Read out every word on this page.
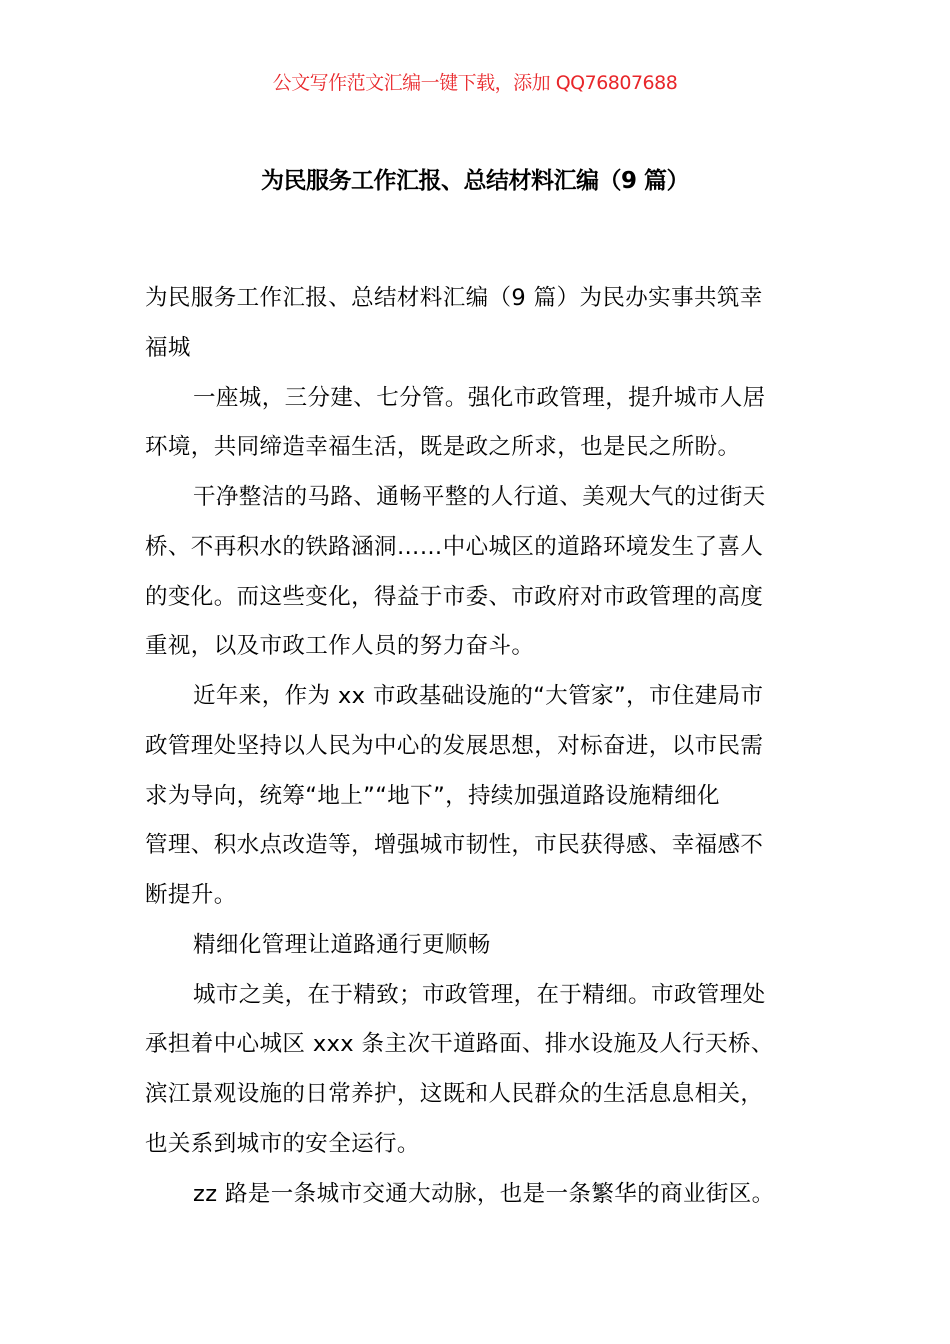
公文写作范文汇编一键下载，添加 QQ76807688
为民服务工作汇报、总结材料汇编（9 篇）
为民服务工作汇报、总结材料汇编（9 篇）为民办实事共筑幸
福城
一座城，三分建、七分管。强化市政管理，提升城市人居
环境，共同缔造幸福生活，既是政之所求，也是民之所盼。
干净整洁的马路、通畅平整的人行道、美观大气的过街天
桥、不再积水的铁路涵洞……中心城区的道路环境发生了喜人
的变化。而这些变化，得益于市委、市政府对市政管理的高度
重视，以及市政工作人员的努力奋斗。
近年来，作为 xx 市政基础设施的“大管家”，市住建局市
政管理处坚持以人民为中心的发展思想，对标奋进，以市民需
求为导向，统筹“地上”“地下”，持续加强道路设施精细化
管理、积水点改造等，增强城市韧性，市民获得感、幸福感不
断提升。
精细化管理让道路通行更顺畅
城市之美，在于精致；市政管理，在于精细。市政管理处
承担着中心城区 xxx 条主次干道路面、排水设施及人行天桥、
滨江景观设施的日常养护，这既和人民群众的生活息息相关，
也关系到城市的安全运行。
zz 路是一条城市交通大动脉，也是一条繁华的商业街区。
